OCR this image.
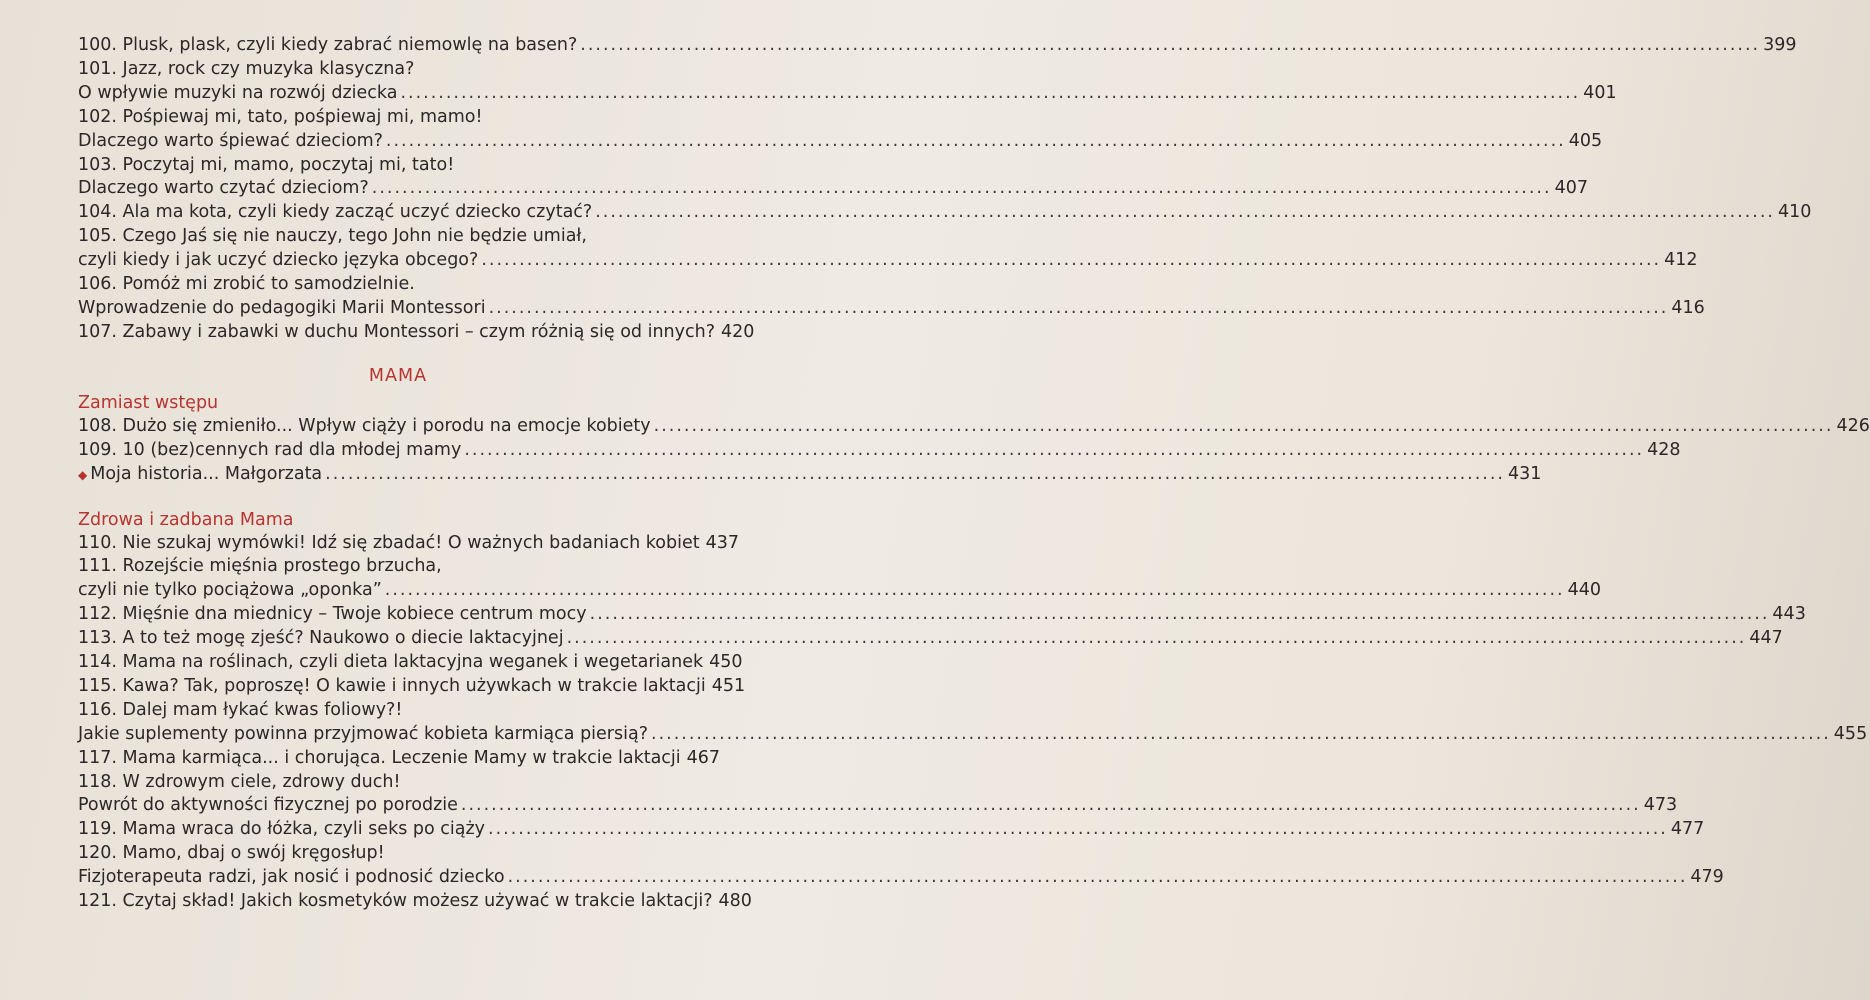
100. Plusk, plask, czyli kiedy zabrać niemowlę na basen? .....	399
101. Jazz, rock czy muzyka klasyczna?
O wpływie muzyki na rozwój dziecka .....	401
102. Pośpiewaj mi, tato, pośpiewaj mi, mamo!
Dlaczego warto śpiewać dzieciom? .....	405
103. Poczytaj mi, mamo, poczytaj mi, tato!
Dlaczego warto czytać dzieciom? .....	407
104. Ala ma kota, czyli kiedy zacząć uczyć dziecko czytać? .....	410
105. Czego Jaś się nie nauczy, tego John nie będzie umiał,
czyli kiedy i jak uczyć dziecko języka obcego? .....	412
106. Pomóż mi zrobić to samodzielnie.
Wprowadzenie do pedagogiki Marii Montessori .....	416
107. Zabawy i zabawki w duchu Montessori – czym różnią się od innych? 420
MAMA
Zamiast wstępu
108. Dużo się zmieniło... Wpływ ciąży i porodu na emocje kobiety .....	426
109. 10 (bez)cennych rad dla młodej mamy .....	428
◆ Moja historia... Małgorzata .....	431
Zdrowa i zadbana Mama
110. Nie szukaj wymówki! Idź się zbadać! O ważnych badaniach kobiet 437
111. Rozejście mięśnia prostego brzucha,
czyli nie tylko pociążowa „oponka” .....	440
112. Mięśnie dna miednicy – Twoje kobiece centrum mocy .....	443
113. A to też mogę zjeść? Naukowo o diecie laktacyjnej .....	447
114. Mama na roślinach, czyli dieta laktacyjna weganek i wegetarianek 450
115. Kawa? Tak, poproszę! O kawie i innych używkach w trakcie laktacji 451
116. Dalej mam łykać kwas foliowy?!
Jakie suplementy powinna przyjmować kobieta karmiąca piersią? .....	455
117. Mama karmiąca... i chorująca. Leczenie Mamy w trakcie laktacji 467
118. W zdrowym ciele, zdrowy duch!
Powrót do aktywności fizycznej po porodzie .....	473
119. Mama wraca do łóżka, czyli seks po ciąży .....	477
120. Mamo, dbaj o swój kręgosłup!
Fizjoterapeuta radzi, jak nosić i podnosić dziecko .....	479
121. Czytaj skład! Jakich kosmetyków możesz używać w trakcie laktacji? 480
